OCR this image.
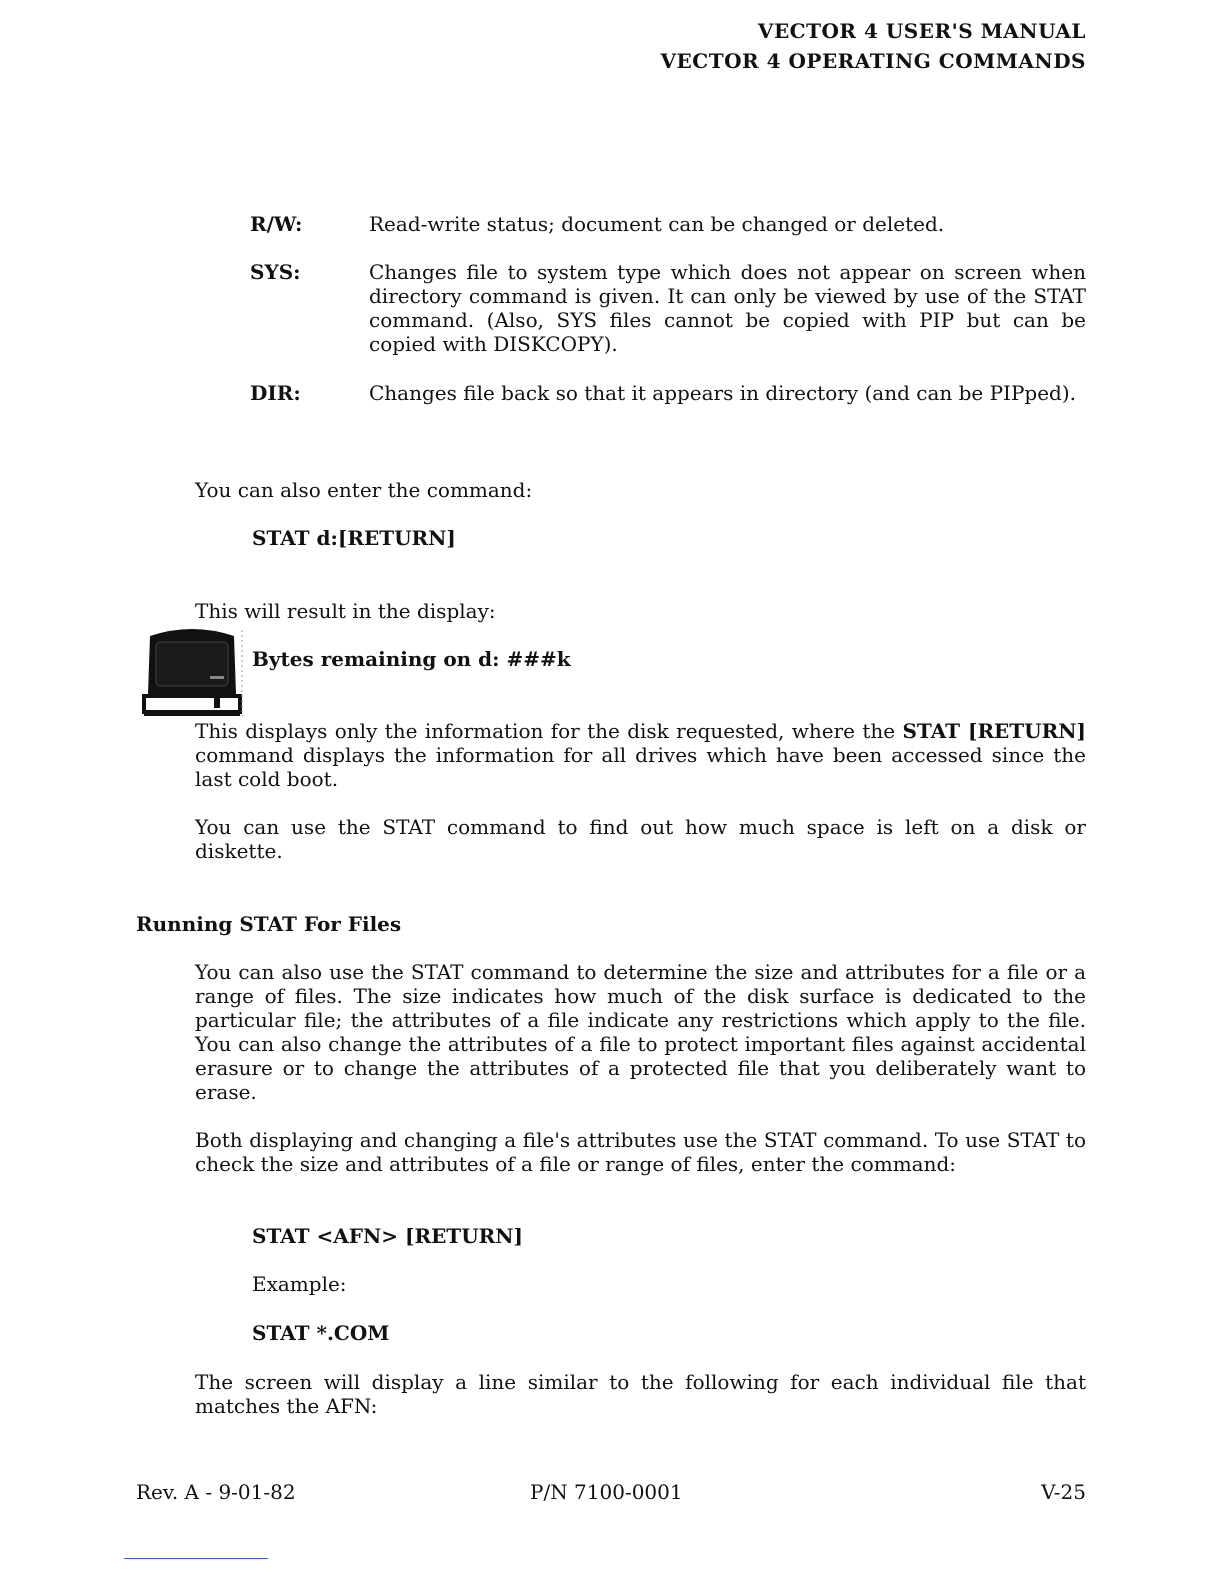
VECTOR 4 USER'S MANUAL
VECTOR 4 OPERATING COMMANDS
R/W:	Read-write status; document can be changed or deleted.
SYS:	Changes file to system type which does not appear on screen when directory command is given. It can only be viewed by use of the STAT command. (Also, SYS files cannot be copied with PIP but can be copied with DISKCOPY).
DIR:	Changes file back so that it appears in directory (and can be PIPped).

You can also enter the command:

STAT d:[RETURN]

This will result in the display:

Bytes remaining on d: ###k

This displays only the information for the disk requested, where the STAT [RETURN] command displays the information for all drives which have been accessed since the last cold boot.

You can use the STAT command to find out how much space is left on a disk or diskette.

Running STAT For Files

You can also use the STAT command to determine the size and attributes for a file or a range of files. The size indicates how much of the disk surface is dedicated to the particular file; the attributes of a file indicate any restrictions which apply to the file. You can also change the attributes of a file to protect important files against accidental erasure or to change the attributes of a protected file that you deliberately want to erase.

Both displaying and changing a file's attributes use the STAT command. To use STAT to check the size and attributes of a file or range of files, enter the command:

STAT <AFN> [RETURN]
Example:
STAT *.COM

The screen will display a line similar to the following for each individual file that matches the AFN:

Rev. A - 9-01-82	P/N 7100-0001	V-25
